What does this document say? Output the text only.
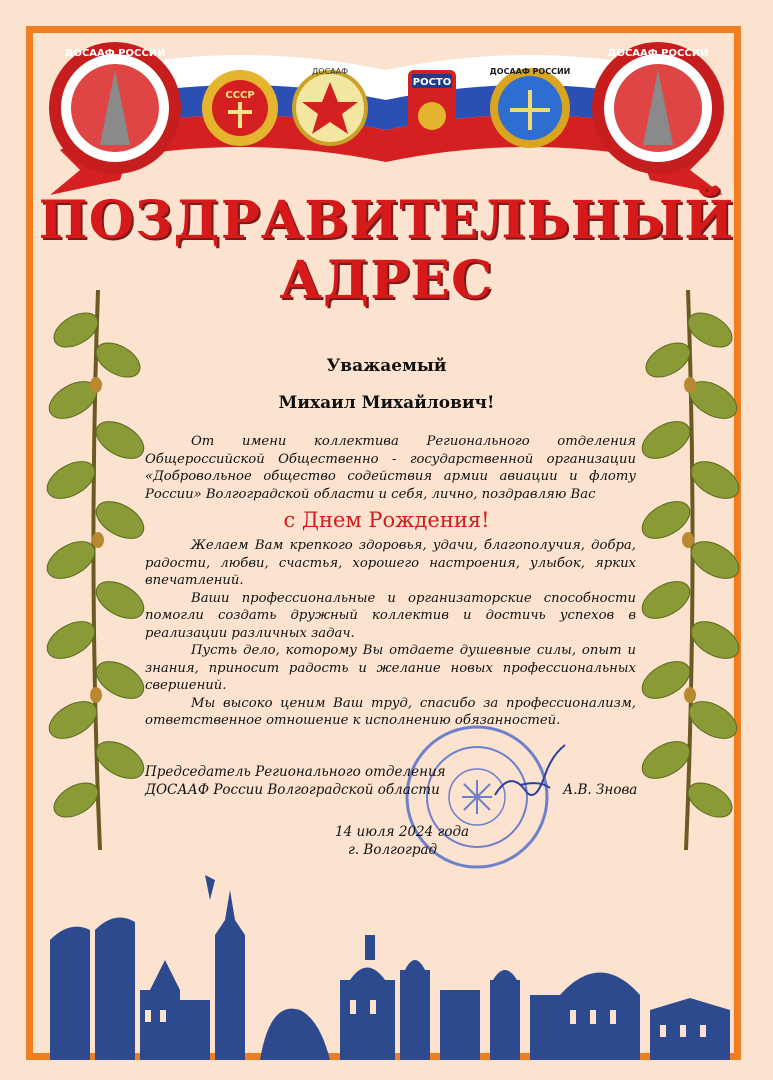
ДОСААФ РОССИИ
СССР
ДОСААФ
РОСТО
ДОСААФ РОССИИ
ДОСААФ РОССИИ
ПОЗДРАВИТЕЛЬНЫЙ
АДРЕС
Уважаемый
Михаил Михайлович!

От имени коллектива Регионального отделения Общероссийской Общественно - государственной организации «Добровольное общество содействия армии авиации и флоту России» Волгоградской области и себя, лично, поздравляю Вас

с Днем Рождения!

Желаем Вам крепкого здоровья, удачи, благополучия, добра, радости, любви, счастья, хорошего настроения, улыбок, ярких впечатлений.

Ваши профессиональные и организаторские способности помогли создать дружный коллектив и достичь успехов в реализации различных задач.

Пусть дело, которому Вы отдаете душевные силы, опыт и знания, приносит радость и желание новых профессиональных свершений.

Мы высоко ценим Ваш труд, спасибо за профессионализм, ответственное отношение к исполнению обязанностей.

Председатель Регионального отделения
ДОСААФ России Волгоградской области	А.В. Знова
14 июля 2024 года
г. Волгоград
